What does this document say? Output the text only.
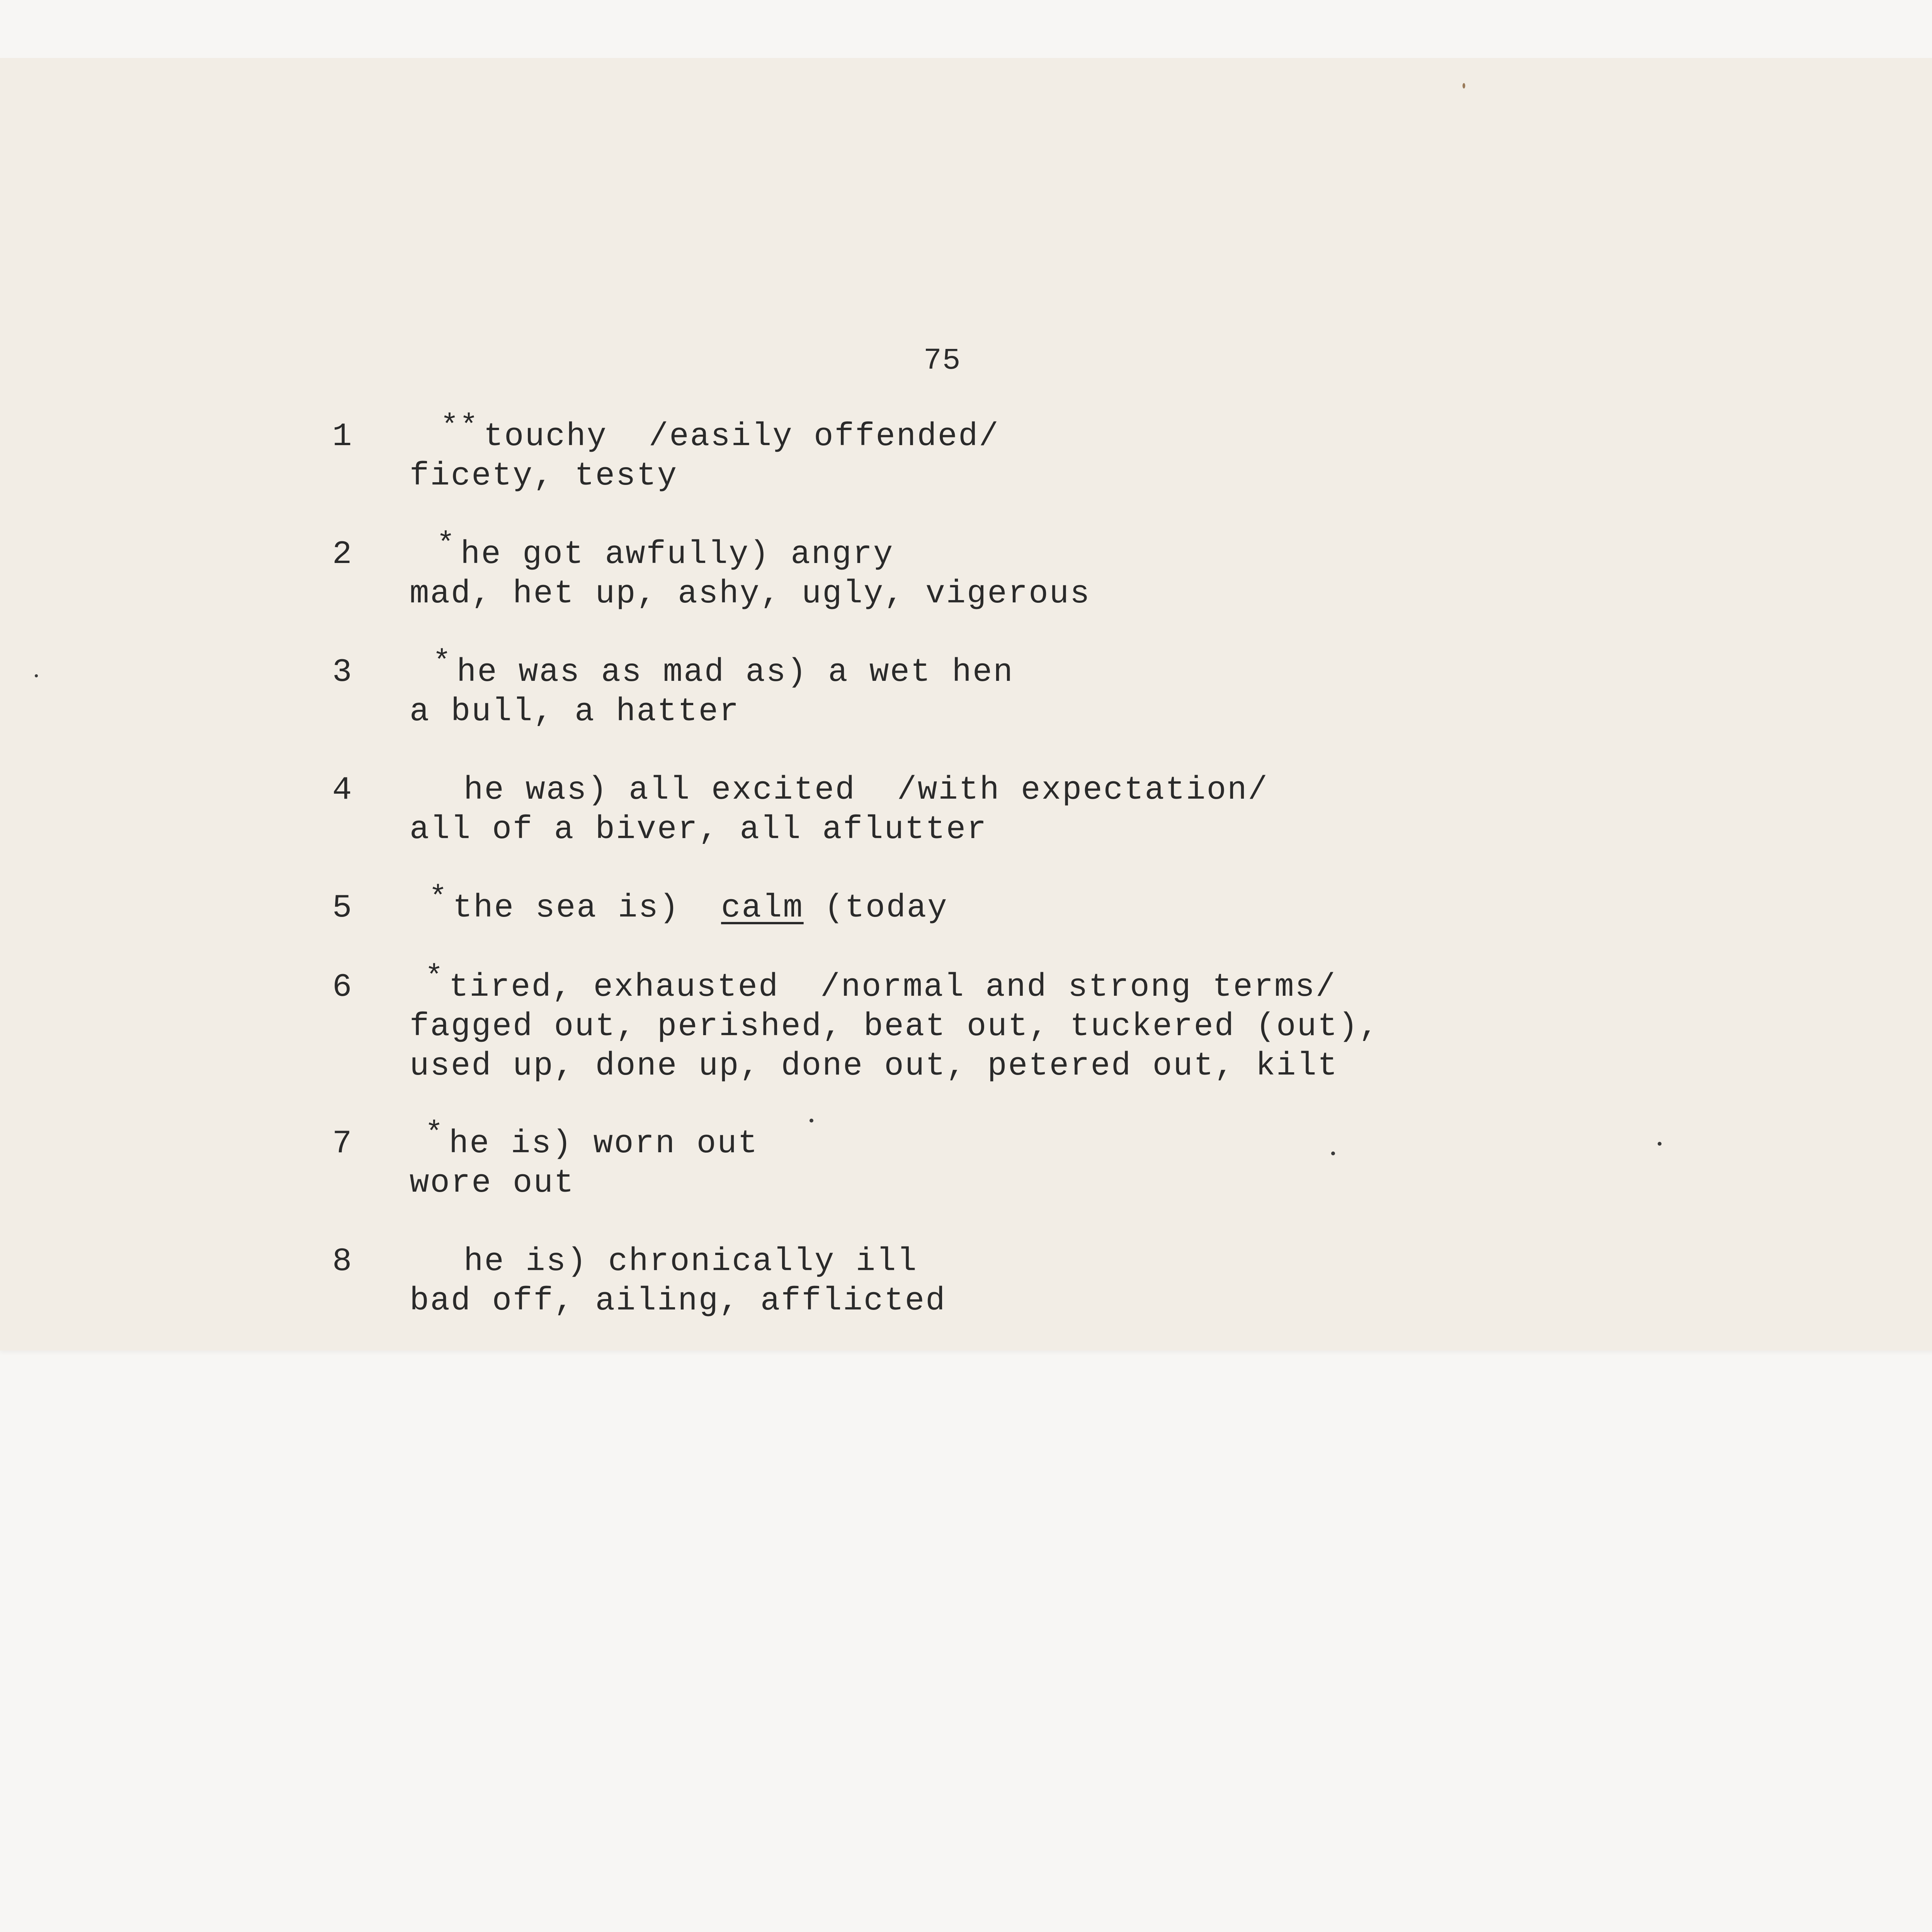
75
1	** touchy  /easily offended/
ficety, testy
2	* he got awfully) angry
mad, het up, ashy, ugly, vigerous
3	* he was as mad as) a wet hen
a bull, a hatter
4	he was) all excited  /with expectation/
all of a biver, all aflutter
5	* the sea is)  calm (today
6	* tired, exhausted  /normal and strong terms/
fagged out, perished, beat out, tuckered (out),
used up, done up, done out, petered out, kilt
7	* he is) worn out
wore out
8	he is) chronically ill
bad off, ailing, afflicted
